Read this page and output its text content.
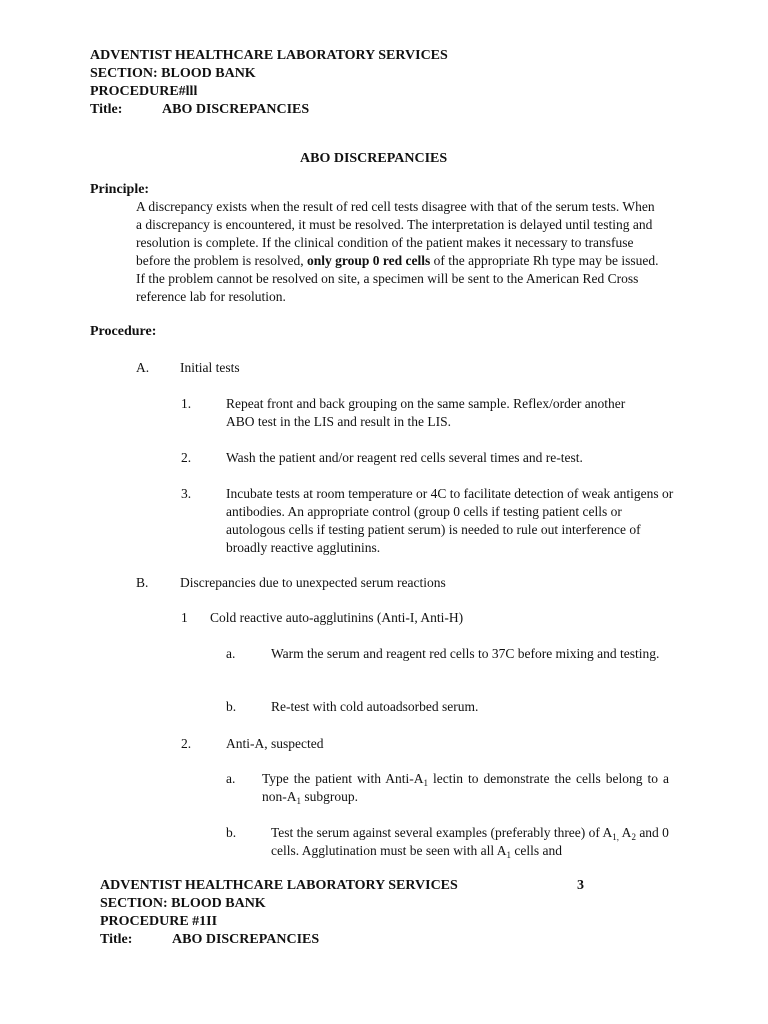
ADVENTIST HEALTHCARE LABORATORY SERVICES
SECTION: BLOOD BANK
PROCEDURE#lll
Title:	ABO DISCREPANCIES
ABO DISCREPANCIES
Principle:
A discrepancy exists when the result of red cell tests disagree with that of the serum tests. When a discrepancy is encountered, it must be resolved. The interpretation is delayed until testing and resolution is complete. If the clinical condition of the patient makes it necessary to transfuse before the problem is resolved, only group 0 red cells of the appropriate Rh type may be issued. If the problem cannot be resolved on site, a specimen will be sent to the American Red Cross reference lab for resolution.
Procedure:
A. Initial tests
1.	Repeat front and back grouping on the same sample. Reflex/order another ABO test in the LIS and result in the LIS.
2.	Wash the patient and/or reagent red cells several times and re-test.
3.	Incubate tests at room temperature or 4C to facilitate detection of weak antigens or antibodies. An appropriate control (group 0 cells if testing patient cells or autologous cells if testing patient serum) is needed to rule out interference of broadly reactive agglutinins.
B. Discrepancies due to unexpected serum reactions
1 Cold reactive auto-agglutinins (Anti-I, Anti-H)
a.	Warm the serum and reagent red cells to 37C before mixing and testing.
b.	Re-test with cold autoadsorbed serum.
2.	Anti-A, suspected
a. Type the patient with Anti-$A_1$ lectin to demonstrate the cells belong to a non-$A_1$ subgroup.
b.	Test the serum against several examples (preferably three) of $A_{1,}$ $A_2$ and 0 cells. Agglutination must be seen with all $A_1$ cells and
ADVENTIST HEALTHCARE LABORATORY SERVICES	3
SECTION: BLOOD BANK
PROCEDURE #1II
Title:	ABO DISCREPANCIES
